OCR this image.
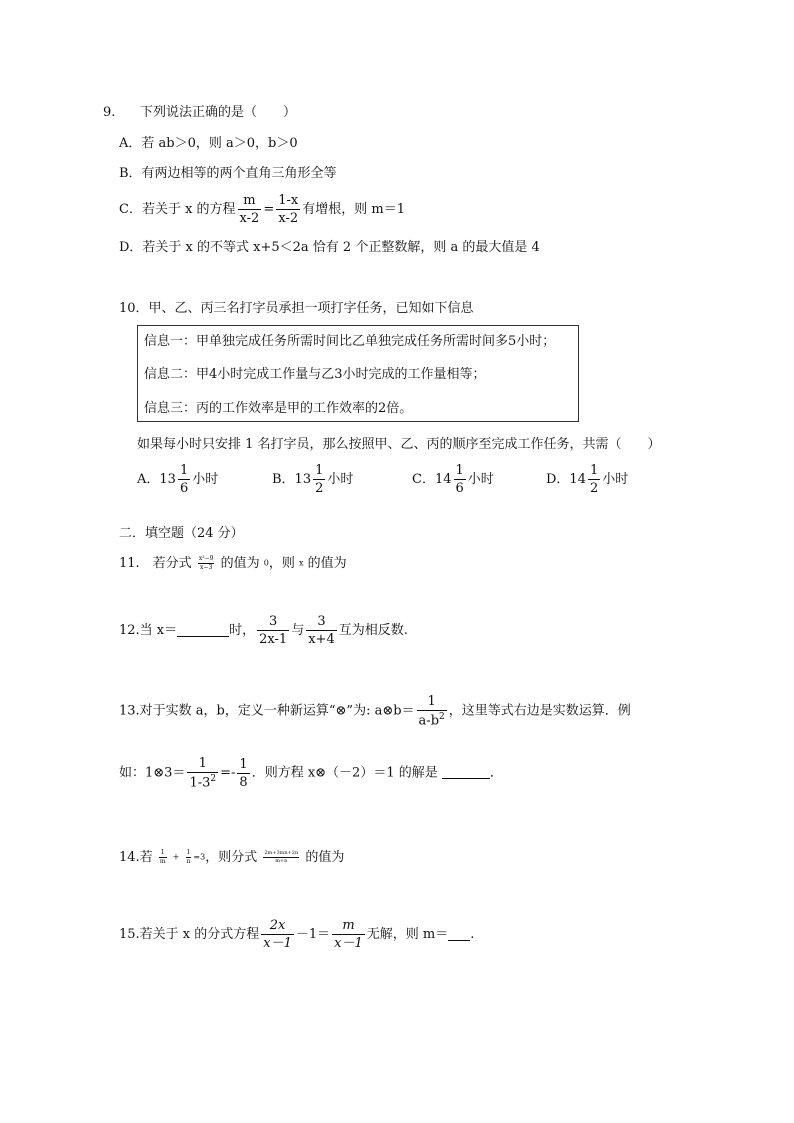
9. 下列说法正确的是（　　）
A．若 ab＞0，则 a＞0，b＞0
B．有两边相等的两个直角三角形全等
C．若关于 x 的方程 $\frac{m}{x-2} = \frac{1-x}{x-2}$ 有增根，则 m＝1
D．若关于 x 的不等式 x+5＜2a 恰有 2 个正整数解，则 a 的最大值是 4
10．甲、乙、丙三名打字员承担一项打字任务，已知如下信息
信息一：甲单独完成任务所需时间比乙单独完成任务所需时间多5小时；
信息二：甲4小时完成工作量与乙3小时完成的工作量相等；
信息三：丙的工作效率是甲的工作效率的2倍。
如果每小时只安排 1 名打字员，那么按照甲、乙、丙的顺序至完成工作任务，共需（　　）
A．$13 \frac{1}{6}$ 小时	B．$13 \frac{1}{2}$ 小时	C．$14 \frac{1}{6}$ 小时	D．$14 \frac{1}{2}$ 小时
二．填空题（24 分）
11.　若分式 $\frac{\text{x²−9}}{x-3}$ 的值为 0，则 x 的值为
12.当 x＝	时， $\frac{3}{2x-1}$ 与 $\frac{3}{x+4}$ 互为相反数.
13.对于实数 a，b，定义一种新运算“⊗”为: a⊗b＝ $\frac{1}{a-b^2}$ ，这里等式右边是实数运算．例
如：1⊗3＝ $\frac{1}{1-3^2} =- \frac{1}{8}$ ．则方程 x⊗（－2）＝1 的解是	．
14.若 $\frac{1}{m} + \frac{1}{n} =3$，则分式 $\frac{2m+3mn+2n}{m+n}$ 的值为
15.若关于 x 的分式方程 $\frac{2x}{x-1} -1= \frac{m}{x-1}$ 无解，则 m＝ .
